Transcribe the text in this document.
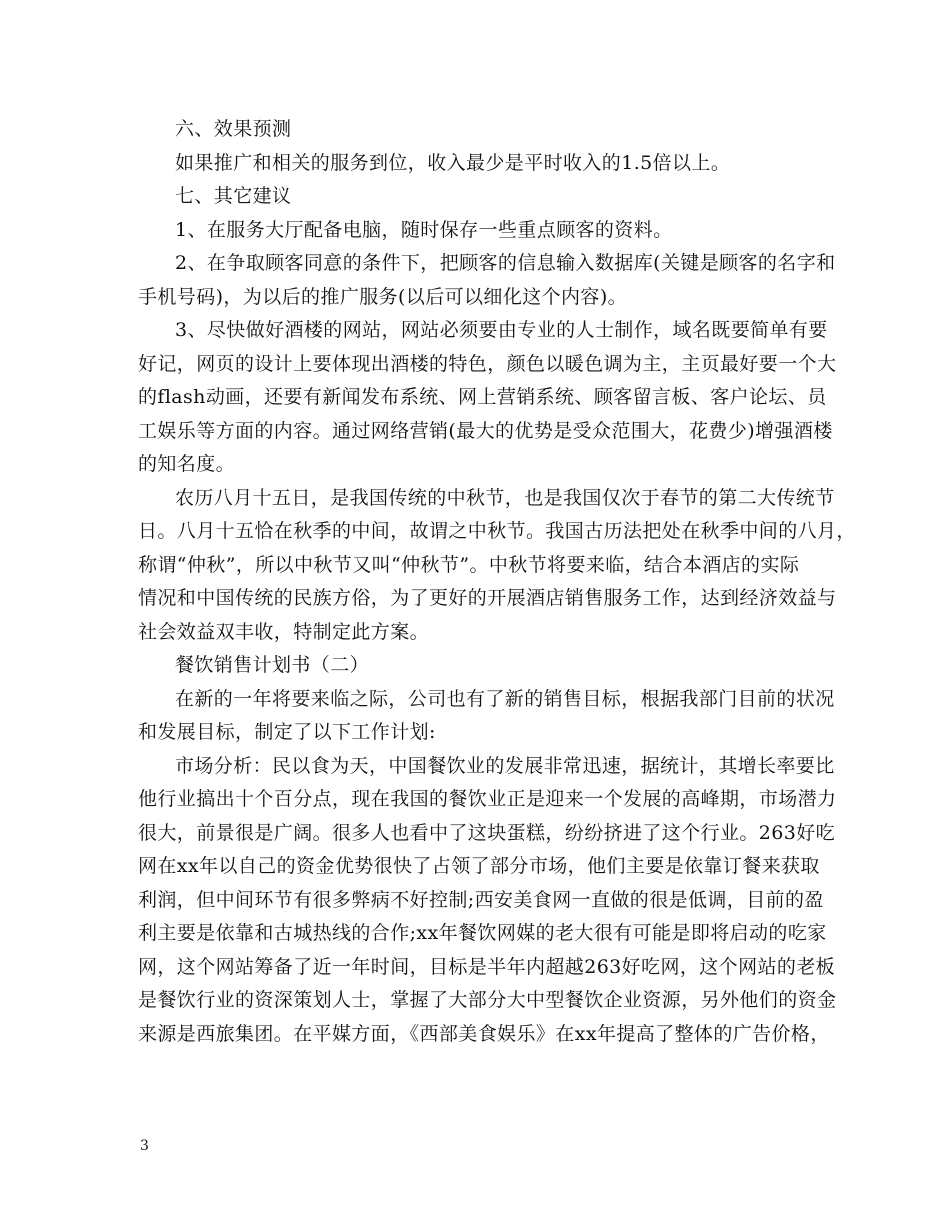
六、效果预测
如果推广和相关的服务到位，收入最少是平时收入的1.5倍以上。
七、其它建议
1、在服务大厅配备电脑，随时保存一些重点顾客的资料。
2、在争取顾客同意的条件下，把顾客的信息输入数据库(关键是顾客的名字和
手机号码)，为以后的推广服务(以后可以细化这个内容)。
3、尽快做好酒楼的网站，网站必须要由专业的人士制作，域名既要简单有要
好记，网页的设计上要体现出酒楼的特色，颜色以暖色调为主，主页最好要一个大
的flash动画，还要有新闻发布系统、网上营销系统、顾客留言板、客户论坛、员
工娱乐等方面的内容。通过网络营销(最大的优势是受众范围大，花费少)增强酒楼
的知名度。
农历八月十五日，是我国传统的中秋节，也是我国仅次于春节的第二大传统节
日。八月十五恰在秋季的中间，故谓之中秋节。我国古历法把处在秋季中间的八月，
称谓“仲秋”，所以中秋节又叫“仲秋节”。中秋节将要来临，结合本酒店的实际
情况和中国传统的民族方俗，为了更好的开展酒店销售服务工作，达到经济效益与
社会效益双丰收，特制定此方案。
餐饮销售计划书（二）
在新的一年将要来临之际，公司也有了新的销售目标，根据我部门目前的状况
和发展目标，制定了以下工作计划:
市场分析：民以食为天，中国餐饮业的发展非常迅速，据统计，其增长率要比
他行业搞出十个百分点，现在我国的餐饮业正是迎来一个发展的高峰期，市场潜力
很大，前景很是广阔。很多人也看中了这块蛋糕，纷纷挤进了这个行业。263好吃
网在xx年以自己的资金优势很快了占领了部分市场，他们主要是依靠订餐来获取
利润，但中间环节有很多弊病不好控制;西安美食网一直做的很是低调，目前的盈
利主要是依靠和古城热线的合作;xx年餐饮网媒的老大很有可能是即将启动的吃家
网，这个网站筹备了近一年时间，目标是半年内超越263好吃网，这个网站的老板
是餐饮行业的资深策划人士，掌握了大部分大中型餐饮企业资源，另外他们的资金
来源是西旅集团。在平媒方面，《西部美食娱乐》在xx年提高了整体的广告价格，
3
